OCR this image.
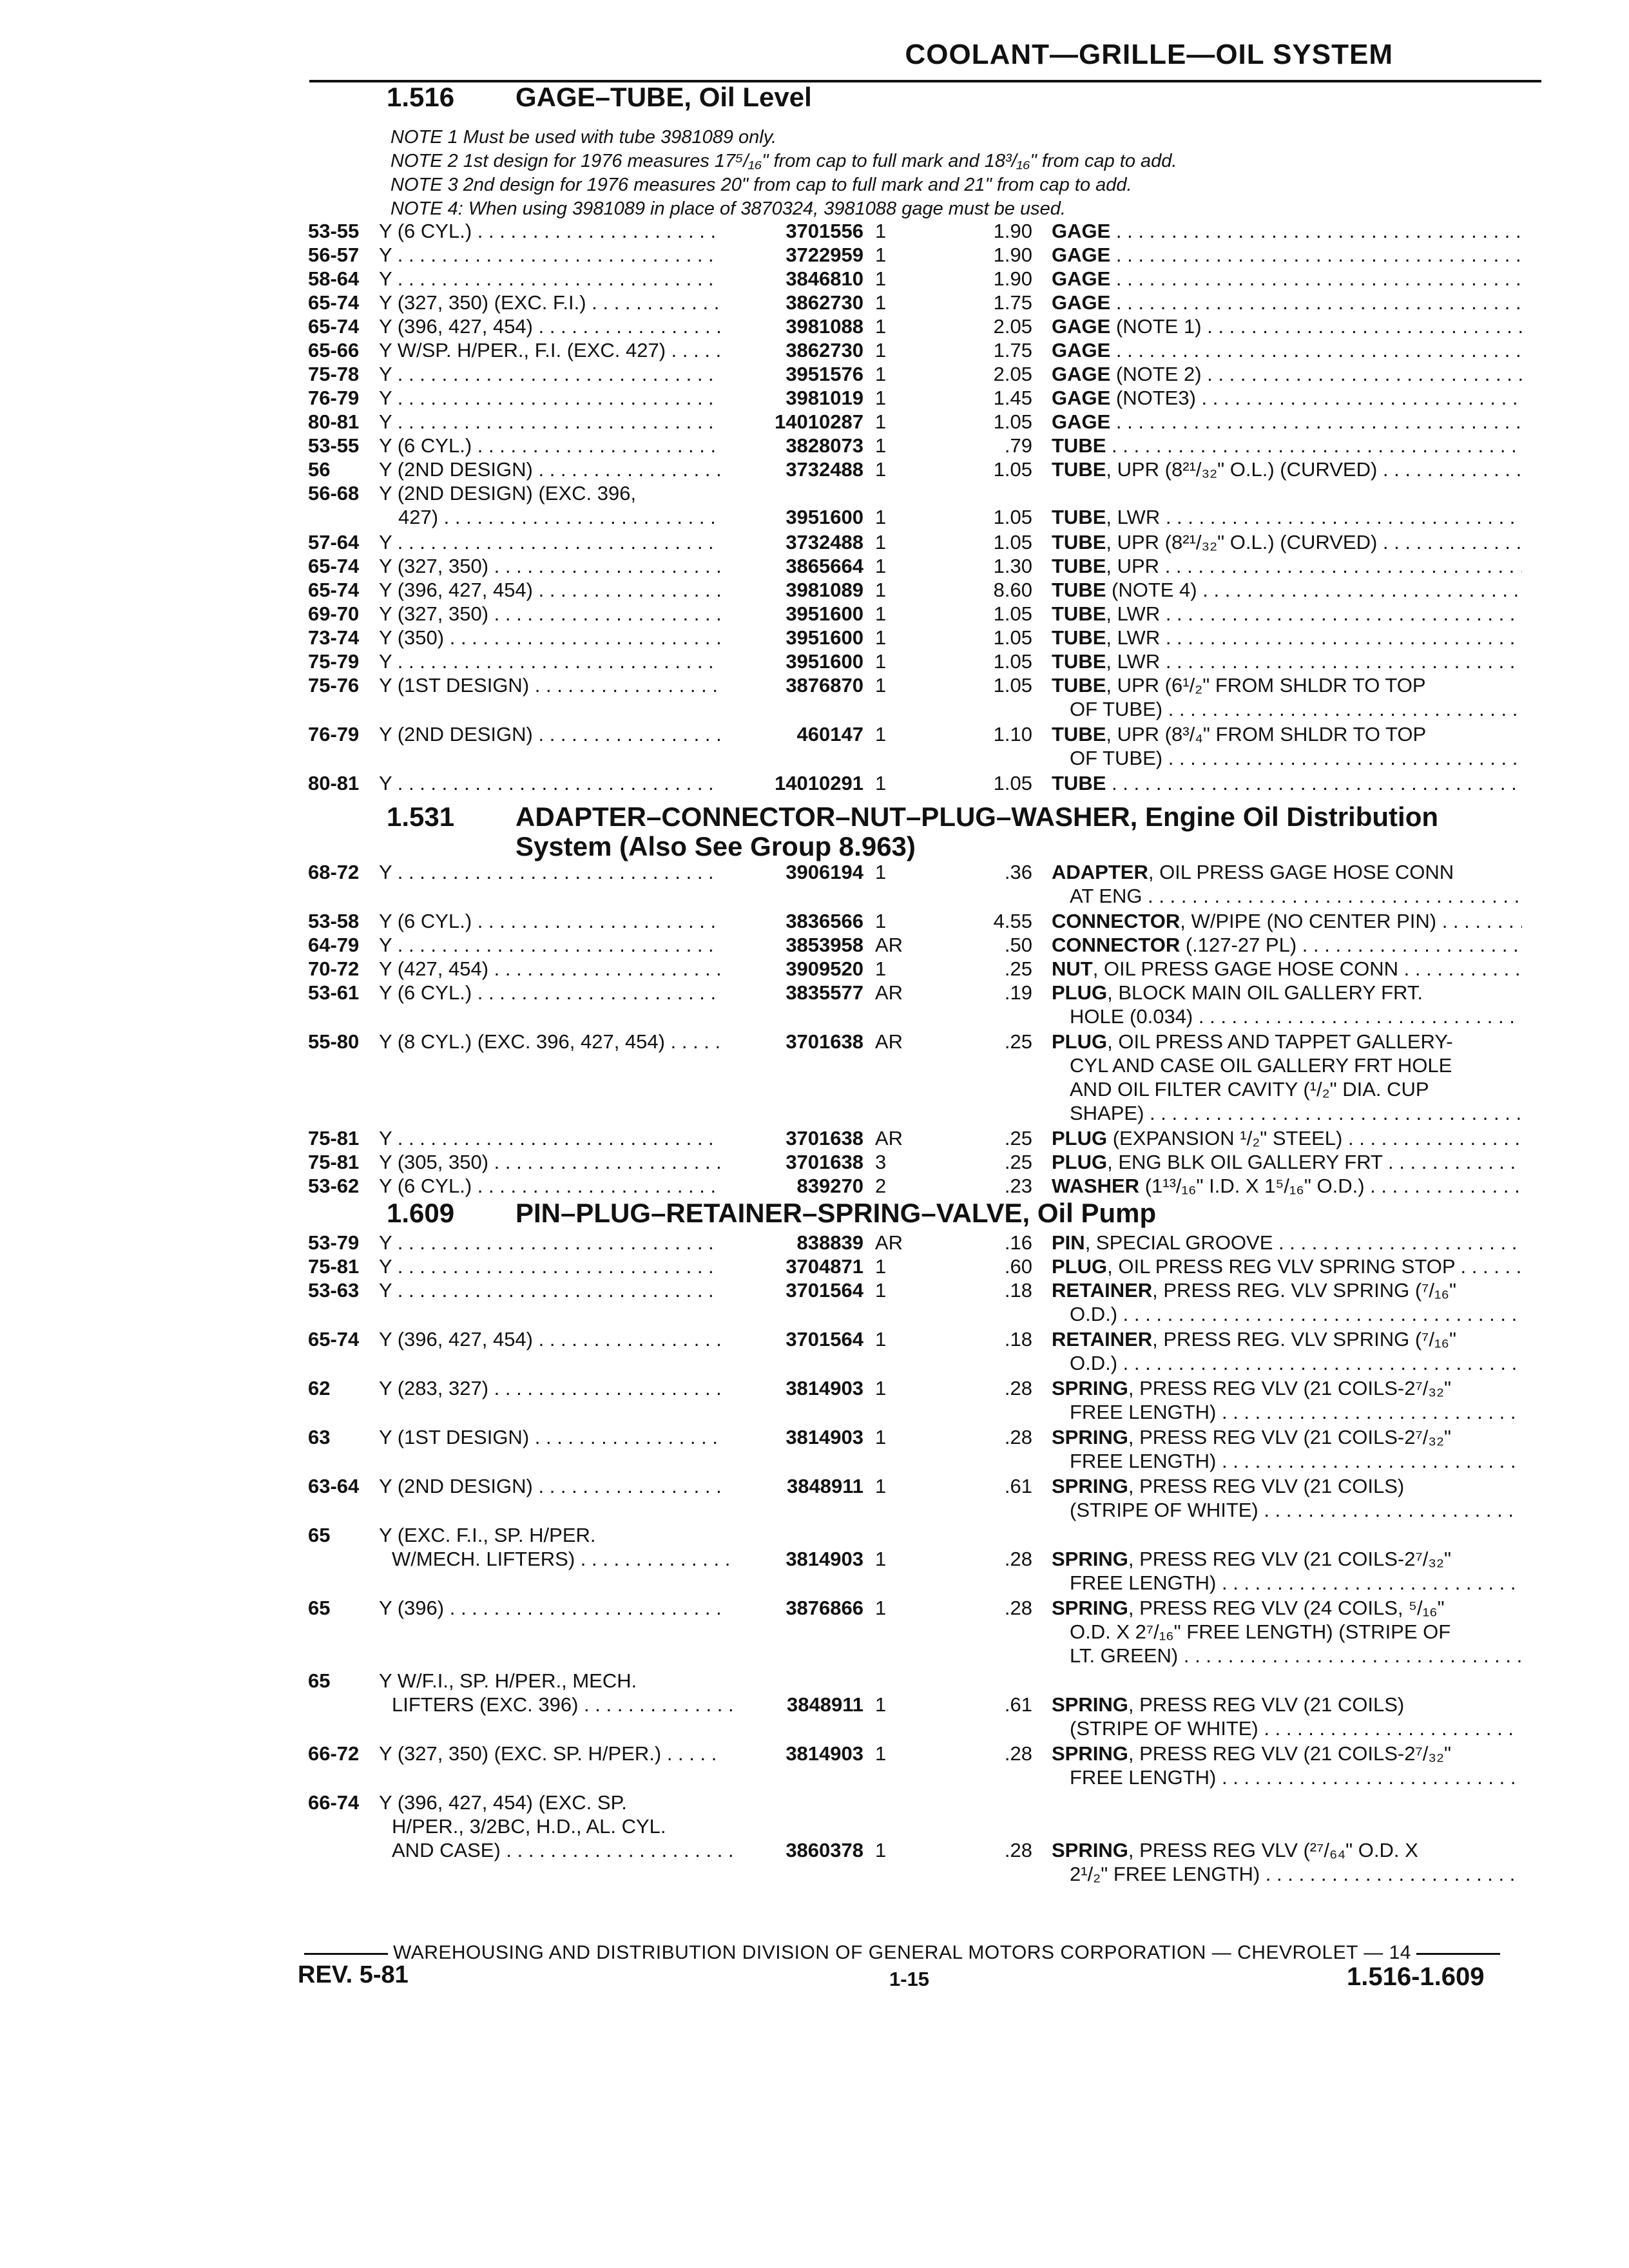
COOLANT—GRILLE—OIL SYSTEM
1.516 GAGE–TUBE, Oil Level
NOTE 1 Must be used with tube 3981089 only.
NOTE 2 1st design for 1976 measures 17⁵/₁₆" from cap to full mark and 18³/₁₆" from cap to add.
NOTE 3 2nd design for 1976 measures 20" from cap to full mark and 21" from cap to add.
NOTE 4: When using 3981089 in place of 3870324, 3981088 gage must be used.
53-55 Y (6 CYL.) . . .	3701556 1	1.90 GAGE . . .
56-57 Y . . .	3722959 1	1.90 GAGE . . .
58-64 Y . . .	3846810 1	1.90 GAGE . . .
65-74 Y (327, 350) (EXC. F.I.) . . .	3862730 1	1.75 GAGE . . .
65-74 Y (396, 427, 454) . . .	3981088 1	2.05 GAGE (NOTE 1) . . .
65-66 Y W/SP. H/PER., F.I. (EXC. 427) . . .	3862730 1	1.75 GAGE . . .
75-78 Y . . .	3951576 1	2.05 GAGE (NOTE 2) . . .
76-79 Y . . .	3981019 1	1.45 GAGE (NOTE3) . . .
80-81 Y . . .	14010287 1	1.05 GAGE . . .
53-55 Y (6 CYL.) . . .	3828073 1	.79 TUBE . . .
56	Y (2ND DESIGN) . . .	3732488 1	1.05 TUBE, UPR (8²¹/₃₂" O.L.) (CURVED) . . .
56-68 Y (2ND DESIGN) (EXC. 396,
427) . . .	3951600 1	1.05 TUBE, LWR . . .
57-64 Y . . .	3732488 1	1.05 TUBE, UPR (8²¹/₃₂" O.L.) (CURVED) . . .
65-74 Y (327, 350) . . .	3865664 1	1.30 TUBE, UPR . . .
65-74 Y (396, 427, 454) . . .	3981089 1	8.60 TUBE (NOTE 4) . . .
69-70 Y (327, 350) . . .	3951600 1	1.05 TUBE, LWR . . .
73-74 Y (350) . . .	3951600 1	1.05 TUBE, LWR . . .
75-79 Y . . .	3951600 1	1.05 TUBE, LWR . . .
75-76 Y (1ST DESIGN) . . .	3876870 1	1.05 TUBE, UPR (6¹/₂" FROM SHLDR TO TOP
OF TUBE) . . .
76-79 Y (2ND DESIGN) . . .	460147 1	1.10 TUBE, UPR (8³/₄" FROM SHLDR TO TOP
OF TUBE) . . .
80-81 Y . . .	14010291 1	1.05 TUBE . . .
1.531 ADAPTER–CONNECTOR–NUT–PLUG–WASHER, Engine Oil Distribution
System (Also See Group 8.963)
68-72 Y . . .	3906194 1	.36 ADAPTER, OIL PRESS GAGE HOSE CONN
AT ENG . . .
53-58 Y (6 CYL.) . . .	3836566 1	4.55 CONNECTOR, W/PIPE (NO CENTER PIN) . . .
64-79 Y . . .	3853958 AR	.50 CONNECTOR (.127-27 PL) . . .
70-72 Y (427, 454) . . .	3909520 1	.25 NUT, OIL PRESS GAGE HOSE CONN . . .
53-61 Y (6 CYL.) . . .	3835577 AR	.19 PLUG, BLOCK MAIN OIL GALLERY FRT.
HOLE (0.034) . . .
55-80 Y (8 CYL.) (EXC. 396, 427, 454) . . .	3701638 AR	.25 PLUG, OIL PRESS AND TAPPET GALLERY-
CYL AND CASE OIL GALLERY FRT HOLE
AND OIL FILTER CAVITY (¹/₂" DIA. CUP
SHAPE) . . .
75-81 Y . . .	3701638 AR	.25 PLUG (EXPANSION ¹/₂" STEEL) . . .
75-81 Y (305, 350) . . .	3701638 3	.25 PLUG, ENG BLK OIL GALLERY FRT . . .
53-62 Y (6 CYL.) . . .	839270 2	.23 WASHER (1¹³/₁₆" I.D. X 1⁵/₁₆" O.D.) . . .
1.609 PIN–PLUG–RETAINER–SPRING–VALVE, Oil Pump
53-79 Y . . .	838839 AR	.16 PIN, SPECIAL GROOVE . . .
75-81 Y . . .	3704871 1	.60 PLUG, OIL PRESS REG VLV SPRING STOP . . .
53-63 Y . . .	3701564 1	.18 RETAINER, PRESS REG. VLV SPRING (⁷/₁₆"
O.D.) . . .
65-74 Y (396, 427, 454) . . .	3701564 1	.18 RETAINER, PRESS REG. VLV SPRING (⁷/₁₆"
O.D.) . . .
62	Y (283, 327) . . .	3814903 1	.28 SPRING, PRESS REG VLV (21 COILS-2⁷/₃₂"
FREE LENGTH) . . .
63	Y (1ST DESIGN) . . .	3814903 1	.28 SPRING, PRESS REG VLV (21 COILS-2⁷/₃₂"
FREE LENGTH) . . .
63-64 Y (2ND DESIGN) . . .	3848911 1	.61 SPRING, PRESS REG VLV (21 COILS)
(STRIPE OF WHITE) . . .
65	Y (EXC. F.I., SP. H/PER.
W/MECH. LIFTERS) . . .	3814903 1	.28 SPRING, PRESS REG VLV (21 COILS-2⁷/₃₂"
FREE LENGTH) . . .
65	Y (396) . . .	3876866 1	.28 SPRING, PRESS REG VLV (24 COILS, ⁵/₁₆"
O.D. X 2⁷/₁₆" FREE LENGTH) (STRIPE OF
LT. GREEN) . . .
65	Y W/F.I., SP. H/PER., MECH.
LIFTERS (EXC. 396) . . .	3848911 1	.61 SPRING, PRESS REG VLV (21 COILS)
(STRIPE OF WHITE) . . .
66-72 Y (327, 350) (EXC. SP. H/PER.) . . .	3814903 1	.28 SPRING, PRESS REG VLV (21 COILS-2⁷/₃₂"
FREE LENGTH) . . .
66-74 Y (396, 427, 454) (EXC. SP.
H/PER., 3/2BC, H.D., AL. CYL.
AND CASE) . . .	3860378 1	.28 SPRING, PRESS REG VLV (²⁷/₆₄" O.D. X
2¹/₂" FREE LENGTH) . . .
WAREHOUSING AND DISTRIBUTION DIVISION OF GENERAL MOTORS CORPORATION — CHEVROLET — 14
REV. 5-81	1-15	1.516-1.609
